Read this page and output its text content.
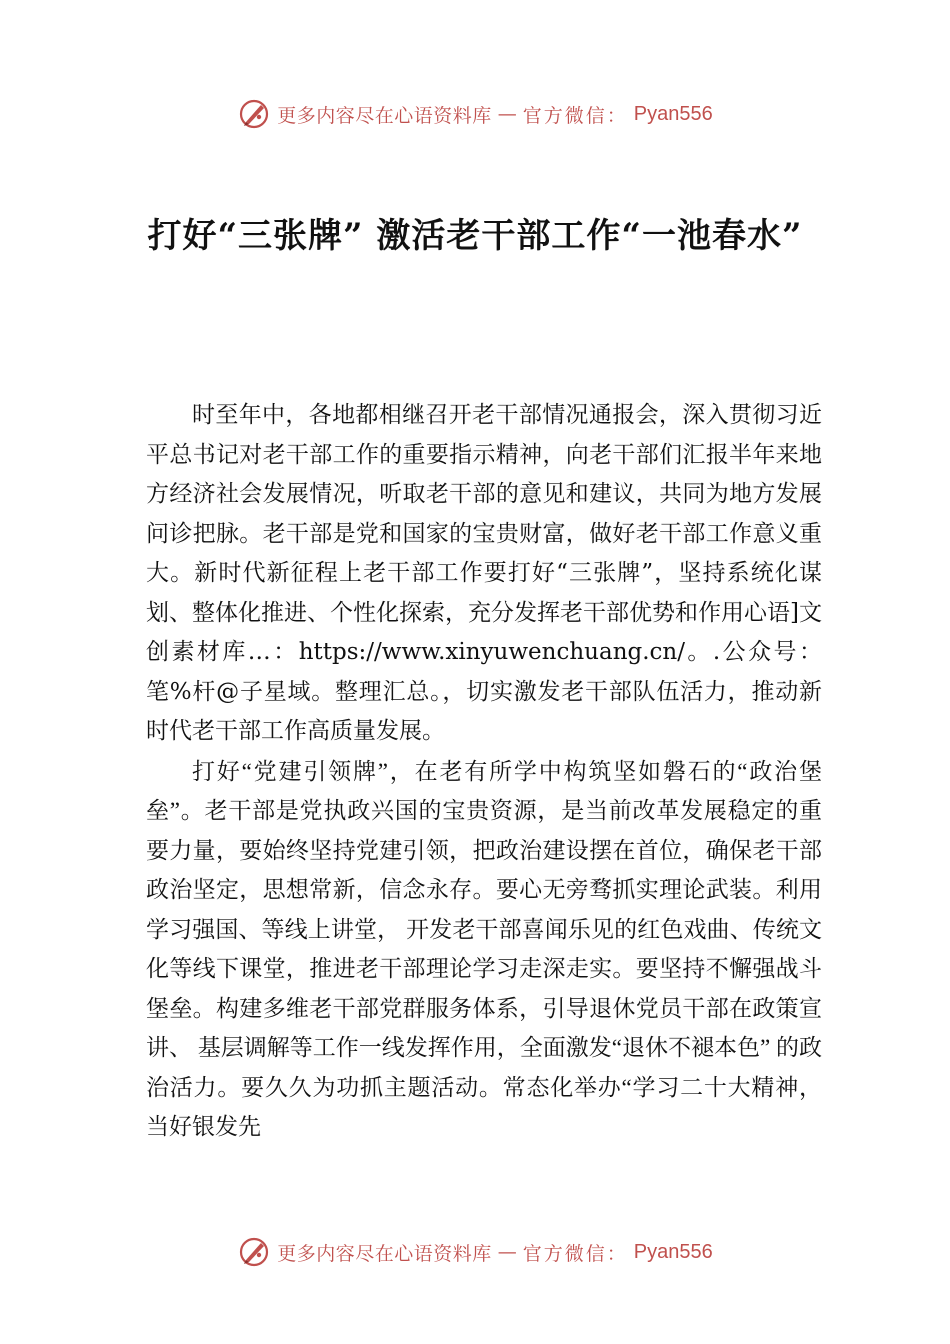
更多内容尽在心语资料库 — 官方微信： Pyan556
打好“三张牌” 激活老干部工作“一池春水”

时至年中，各地都相继召开老干部情况通报会，深入贯彻习近平总书记对老干部工作的重要指示精神，向老干部们汇报半年来地方经济社会发展情况，听取老干部的意见和建议，共同为地方发展问诊把脉。老干部是党和国家的宝贵财富，做好老干部工作意义重大。新时代新征程上老干部工作要打好“三张牌”，坚持系统化谋划、整体化推进、个性化探索，充分发挥老干部优势和作用心语]文创素材库…：https://www.xinyuwenchuang.cn/。.公众号：笔%杆@子星域。整理汇总。，切实激发老干部队伍活力，推动新时代老干部工作高质量发展。

打好“党建引领牌”，在老有所学中构筑坚如磐石的“政治堡垒”。老干部是党执政兴国的宝贵资源，是当前改革发展稳定的重要力量，要始终坚持党建引领，把政治建设摆在首位，确保老干部政治坚定，思想常新，信念永存。要心无旁骛抓实理论武装。利用学习强国、等线上讲堂， 开发老干部喜闻乐见的红色戏曲、传统文化等线下课堂，推进老干部理论学习走深走实。要坚持不懈强战斗堡垒。构建多维老干部党群服务体系，引导退休党员干部在政策宣讲、 基层调解等工作一线发挥作用，全面激发“退休不褪本色” 的政治活力。要久久为功抓主题活动。常态化举办“学习二十大精神，当好银发先

更多内容尽在心语资料库 — 官方微信： Pyan556
